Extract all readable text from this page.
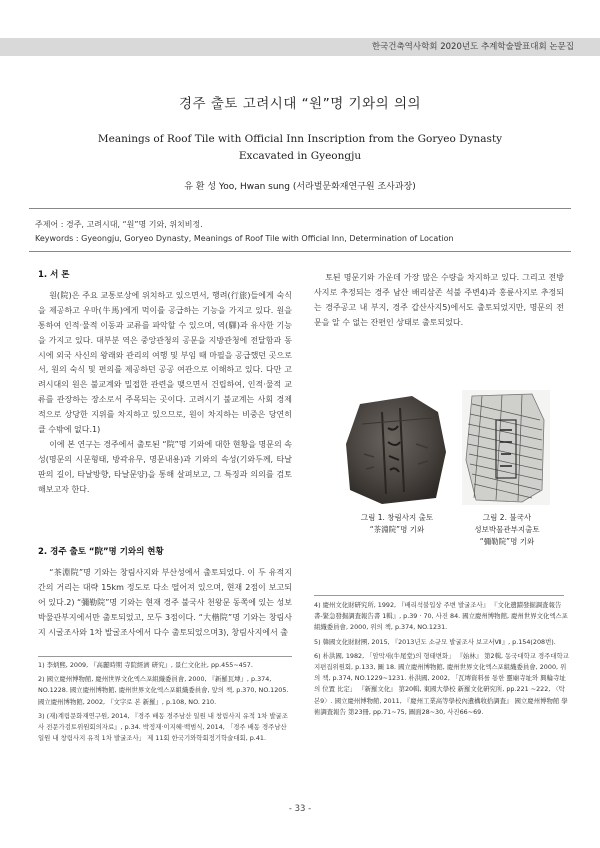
한국건축역사학회 2020년도 추계학술발표대회 논문집
경주 출토 고려시대 “원”명 기와의 의의
Meanings of Roof Tile with Official Inn Inscription from the Goryeo Dynasty
Excavated in Gyeongju
유 환 성 Yoo, Hwan sung (서라벌문화재연구원 조사과장)
주제어 : 경주, 고려시대, “원”명 기와, 위치비정.
Keywords : Gyeongju, Goryeo Dynasty, Meanings of Roof Tile with Official Inn, Determination of Location
1. 서 론

원(院)은 주요 교통로상에 위치하고 있으면서, 행려(行旅)들에게 숙식을 제공하고 우마(牛馬)에게 먹이를 공급하는 기능을 가지고 있다. 원을 통하여 인적·물적 이동과 교류를 파악할 수 있으며, 역(驛)과 유사한 기능을 가지고 있다. 대부분 역은 중앙관청의 공문을 지방관청에 전달함과 동시에 외국 사신의 왕래와 관리의 여행 및 부임 때 마필을 공급했던 곳으로서, 원의 숙식 및 편의를 제공하던 공공 여관으로 이해하고 있다. 다만 고려시대의 원은 불교계와 밀접한 관련을 맺으면서 건립하여, 인적·물적 교류를 관장하는 장소로서 주목되는 곳이다. 고려시기 불교계는 사회 경제적으로 상당한 지위를 차지하고 있으므로, 원이 차지하는 비중은 당연히 클 수밖에 없다.1)

이에 본 연구는 경주에서 출토된 “院”명 기와에 대한 현황을 명문의 속성(명문의 시문형태, 방곽유무, 명문내용)과 기와의 속성(기와두께, 타날판의 길이, 타날방향, 타날문양)을 통해 살펴보고, 그 특징과 의의를 검토해보고자 한다.

2. 경주 출토 “院”명 기와의 현황

“茶淵院”명 기와는 창림사지와 부산성에서 출토되었다. 이 두 유적지 간의 거리는 대략 15km 정도로 다소 떨어져 있으며, 현재 2점이 보고되어 있다.2) “彌勒院”명 기와는 현재 경주 불국사 천왕문 동쪽에 있는 성보박물관부지에서만 출토되었고, 모두 3점이다. “大楷院”명 기와는 창림사지 시굴조사와 1차 발굴조사에서 다수 출토되었으며3), 창림사지에서 출

토된 명문기와 가운데 가장 많은 수량을 차지하고 있다. 그리고 전방사지로 추정되는 경주 남산 배리삼존 석불 주변4)과 홍륜사지로 추정되는 경주공고 내 부지, 경주 갑산사지5)에서도 출토되었지만, 명문의 전문을 알 수 없는 잔편인 상태로 출토되었다.

그림 1. 창림사지 출토
“茶淵院”명 기와
그림 2. 불국사
성보박물관부지출토
“彌勒院”명 기와
4) 慶州文化財硏究所, 1992, 『배리석불입상 주변 발굴조사』 『文化遺蹟發掘調査報告書-緊急發掘調査報告書 1輯』, p.39 · 70, 사진 84. 國立慶州博物館, 慶州世界文化엑스포組織委員會, 2000, 위의 책, p.374, NO.1231.
5) 韓國文化財財團, 2015, 『2013년도 소규모 발굴조사 보고서Ⅶ』, p.154(208번).
6) 朴洪國, 1982, 「암막새(牛尾堂)의 형태변화」 『始林』 第2輯, 동국대학교 경주대학교지편집위원회, p.133, 圖 18. 國立慶州博物館, 慶州世界文化엑스포組織委員會, 2000, 위의 책, p.374, NO.1229~1231. 朴洪國, 2002, 「瓦塼資料를 통한 靈廟寺址와 興輪寺址의 位置 比定」 『新羅文化』 第20輯, 東國大學校 新羅文化硏究所, pp.221 ~222, 〈탁본9〉. 國立慶州博物館, 2011, 『慶州工業高等學校內遺構收拾調査』 國立慶州博物館 學術調査報告 第23冊, pp.71~75, 圖面28~30, 사진66~69.
1) 李炳熙, 2009, 『高麗時期 寺院經濟 硏究』, 景仁文化社, pp.455~457.
2) 國立慶州博物館, 慶州世界文化엑스포組織委員會, 2000, 『新羅瓦塼』, p.374, NO.1228. 國立慶州博物館, 慶州世界文化엑스포組織委員會, 앞의 책, p.370, NO.1205. 國立慶州博物館, 2002, 『文字로 본 新羅』, p.108, NO. 210.
3) (재)계림문화재연구원, 2014, 『경주 배동 경주남산 일원 내 창림사지 유적 1차 발굴조사 전문가검토위원회의자료』, p.34. 박정재·이지혜·백범식, 2014, 「경주 배동 경주남산 일원 내 창림사지 유적 1차 발굴조사」 제 11회 한국기와학회정기학술대회, p.41.
- 33 -
